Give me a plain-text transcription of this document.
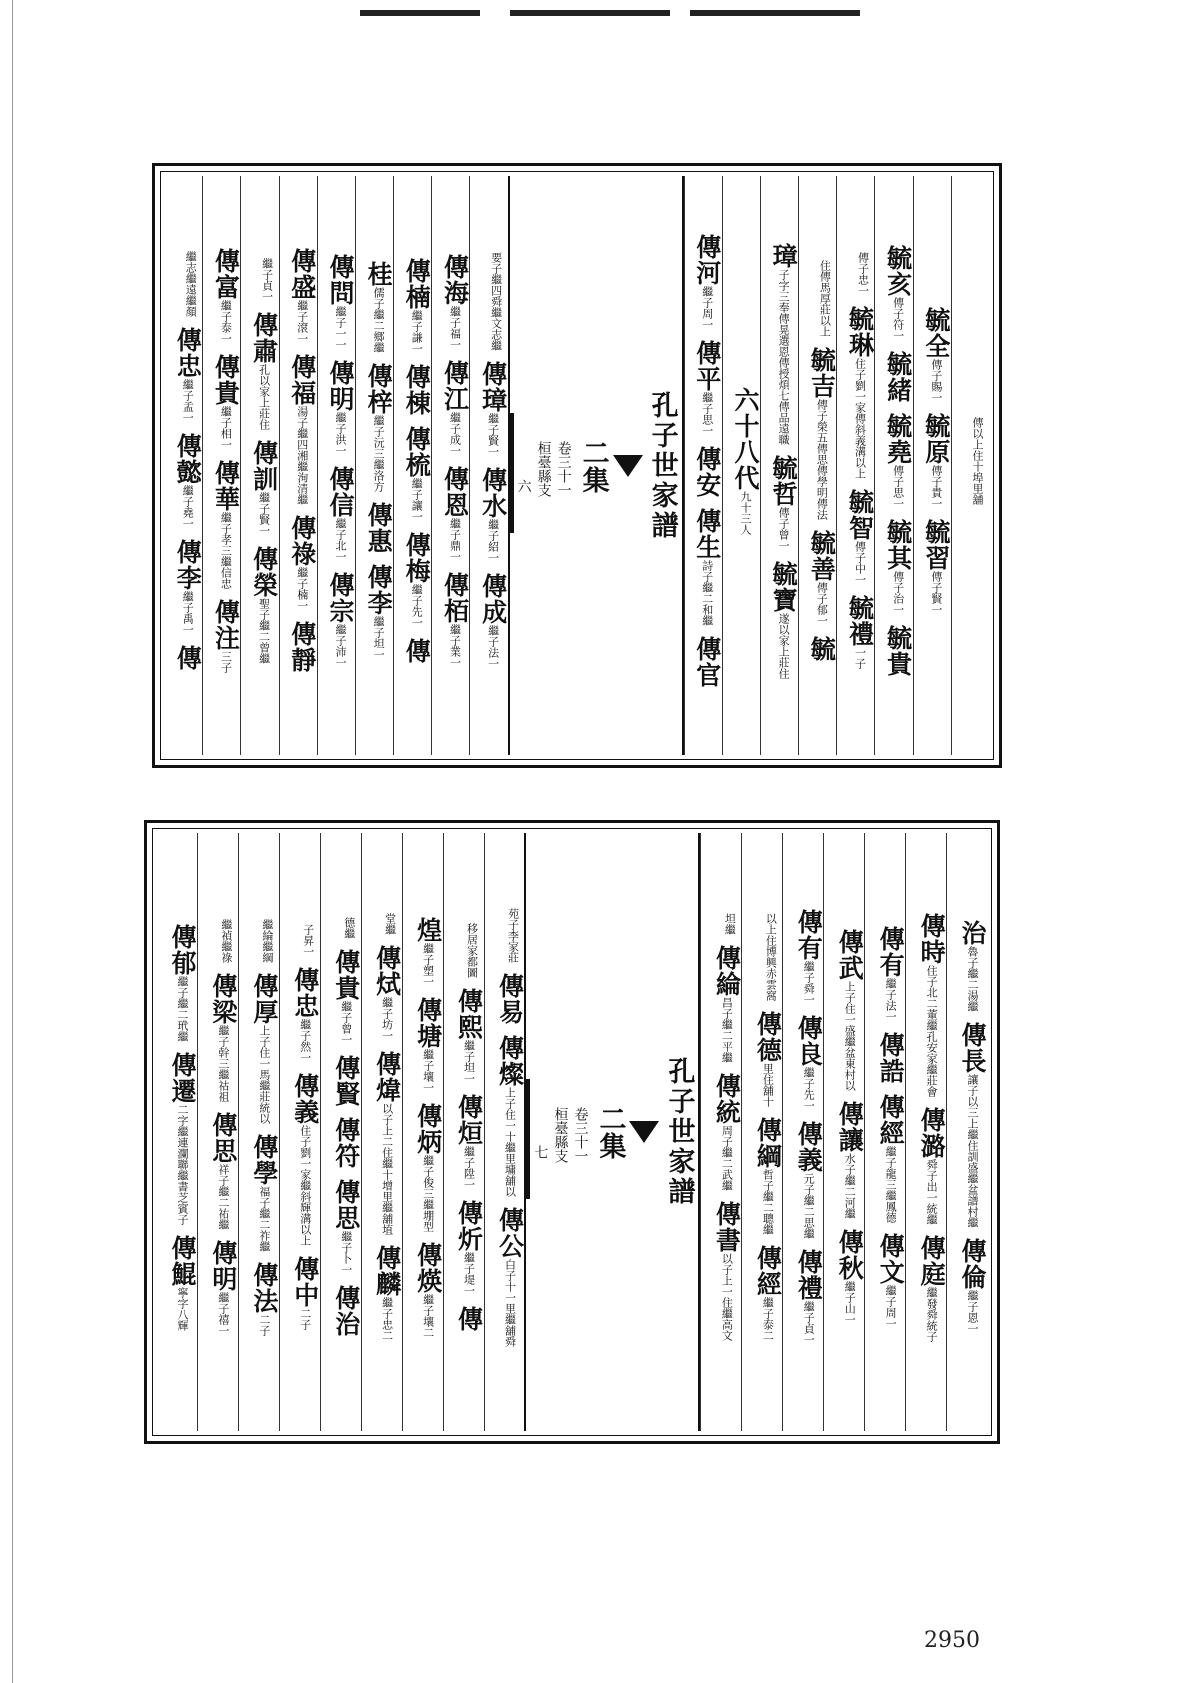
傳以上住十埠里舖
毓全傳子賜一
毓原傳子貴一
毓習傳子賢一
毓亥傳子符一
毓緒
毓堯傳子思一
毓其傳子治一
毓貴
傳子忠一
毓琳住子劉一家傳斜義溝以上
毓智傳子中一
毓禮一子
住傳馬厚莊以上
毓吉傳子榮五傳思傳學明傳法
毓善傳子郁一
毓
璋子字三奉傳晃選恩傳授煩七傳品遠職
毓哲傳子曾一
毓寶遂以家上莊住
六十八代九十三人
傳河繼子周一
傳平繼子思一
傳安
傳生詩子繼二和繼
傳官
孔子世家譜
二集
卷三十一
桓臺縣支
六
要子繼四舜繼文志繼
傳璋繼子賢一
傳水繼子紹一
傳成繼子法一
傳海繼子福一
傳江繼子成一
傳恩繼子鼎一
傳栢繼子業一
傳楠繼子謙一
傳棟
傳梳繼子讓一
傳梅繼子先一
傳
桂儒子繼二鄉繼
傳梓繼子沅三繼洛方
傳惠
傳李繼子坦一
傳問繼子一一
傳明繼子洪一
傳信繼子北一
傳宗繼子沛一
傳盛繼子滾一
傳福湯子繼四湘繼洵清繼
傳祿繼子楠一
傳靜
繼子貞一
傳肅孔以家上莊住
傳訓繼子賢一
傳榮聖子繼二曾繼
傳富繼子泰一
傳貴繼子相一
傳華繼子孝三繼信忠
傳注三子
繼志繼遠繼顏
傳忠繼子孟一
傳懿繼子堯一
傳李繼子禹一
傳
治魯子繼二湯繼
傳長讓子以三上繼住訓盛繼盆譜村繼
傳倫繼子恩一
傳時住子北二董繼孔安家繼莊會
傳潞舜子出一統繼
傳庭繼發舜統子
傳有繼子法一
傳誥
傳經繼子龍三繼鳳德
傳文繼子周一
傳武上子住一盛繼盆東村以
傳讓水子繼二河繼
傳秋繼子山一
傳有繼子舜一
傳良繼子先一
傳義元子繼二思繼
傳禮繼子貞一
以上住博興赤雲窩
傳德里住舖十
傳綱哲子繼二聰繼
傳經繼子泰二
坦繼
傳綸昌子繼二平繼
傳統周子繼二武繼
傳書以子上一住繼高文
孔子世家譜
二集
卷三十一
桓臺縣支
七
苑子李家莊
傳易
傳燦上子住一十繼里墉舖以
傳公白子十一里繼舖舜
移居家都圖
傳熙繼子坦一
傳烜繼子陞一
傳炘繼子堤一
傳
煌繼子塑一
傳塘繼子壤一
傳炳繼子俊三繼堋型
傳煐繼子壤二
堂繼
傳烒繼子坊一
傳煒以子上二住繼十增里繼舖埴
傳麟繼子忠二
德繼
傳貴繼子曾一
傳賢
傳符
傳思繼子卜一
傳治
子昇一
傳忠繼子然一
傳義住子劉一家繼斜輝溝以上
傳中二子
繼綸繼綱
傳厚上子住一馬繼莊統以
傳學福子繼二祚繼
傳法二子
繼禎繼祿
傳梁繼子幹三繼祜祖
傳思祥子繼二祐繼
傳明繼子禧一
傳郁繼子繼二玳繼
傳遷二字繼連瀾聯繼書芝賓子
傳鯤寧字八輝
2950
